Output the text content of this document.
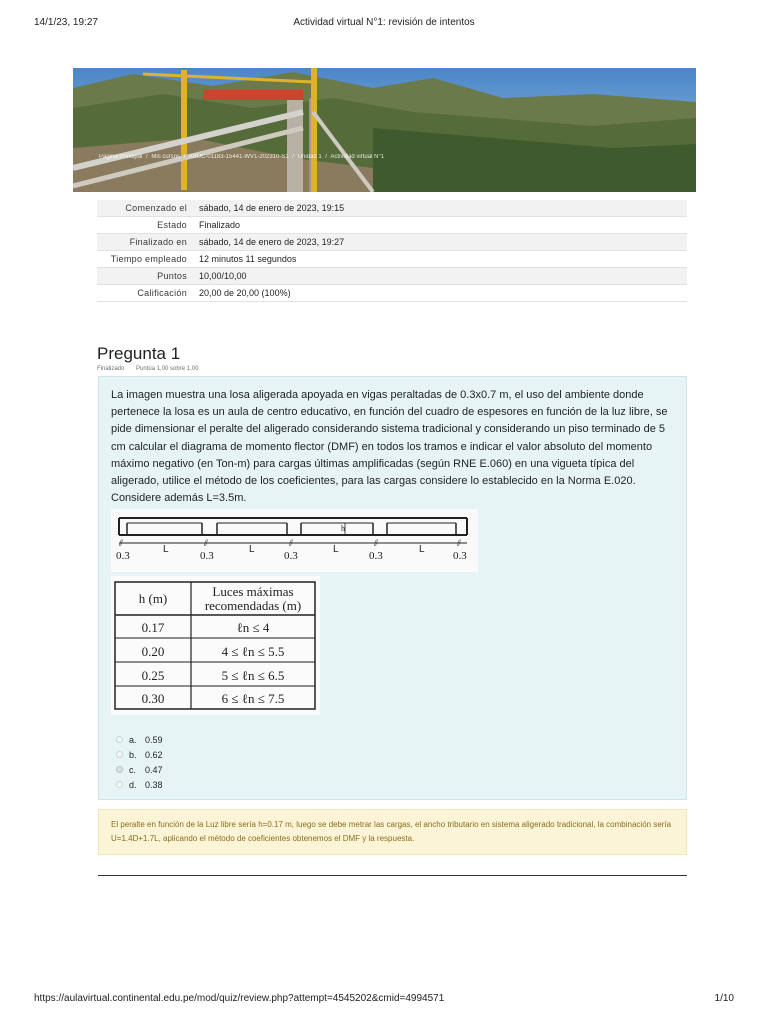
14/1/23, 19:27	Actividad virtual N°1: revisión de intentos
Página Principal / Mis cursos / ASUC-01183-15441-WV1-202310-S1 / Unidad 1 / Actividad virtual N°1
Comenzado el	sábado, 14 de enero de 2023, 19:15
Estado	Finalizado
Finalizado en	sábado, 14 de enero de 2023, 19:27
Tiempo empleado	12 minutos 11 segundos
Puntos	10,00/10,00
Calificación	20,00 de 20,00 (100%)
Pregunta 1
Finalizado Puntúa 1,00 sobre 1,00
La imagen muestra una losa aligerada apoyada en vigas peraltadas de 0.3x0.7 m, el uso del ambiente donde pertenece la losa es un aula de centro educativo, en función del cuadro de espesores en función de la luz libre, se pide dimensionar el peralte del aligerado considerando sistema tradicional y considerando un piso terminado de 5 cm calcular el diagrama de momento flector (DMF) en todos los tramos e indicar el valor absoluto del momento máximo negativo (en Ton-m) para cargas últimas amplificadas (según RNE E.060) en una vigueta típica del aligerado, utilice el método de los coeficientes, para las cargas considere lo establecido en la Norma E.020. Considere además L=3.5m.
h
⫽	⫽	⫽	⫽	⫽
0.3	0.3	0.3	0.3	0.3
L	L	L	L
h (m)	Luces máximas
recomendadas (m)
0.17	ℓn ≤ 4
0.20	4 ≤ ℓn ≤ 5.5
0.25	5 ≤ ℓn ≤ 6.5
0.30	6 ≤ ℓn ≤ 7.5
a. 0.59
b. 0.62
c. 0.47
d. 0.38
El peralte en función de la Luz libre sería h=0.17 m, luego se debe metrar las cargas, el ancho tributario en sistema aligerado tradicional, la combinación sería U=1.4D+1.7L, aplicando el método de coeficientes obtenemos el DMF y la respuesta.
https://aulavirtual.continental.edu.pe/mod/quiz/review.php?attempt=4545202&cmid=4994571	1/10
